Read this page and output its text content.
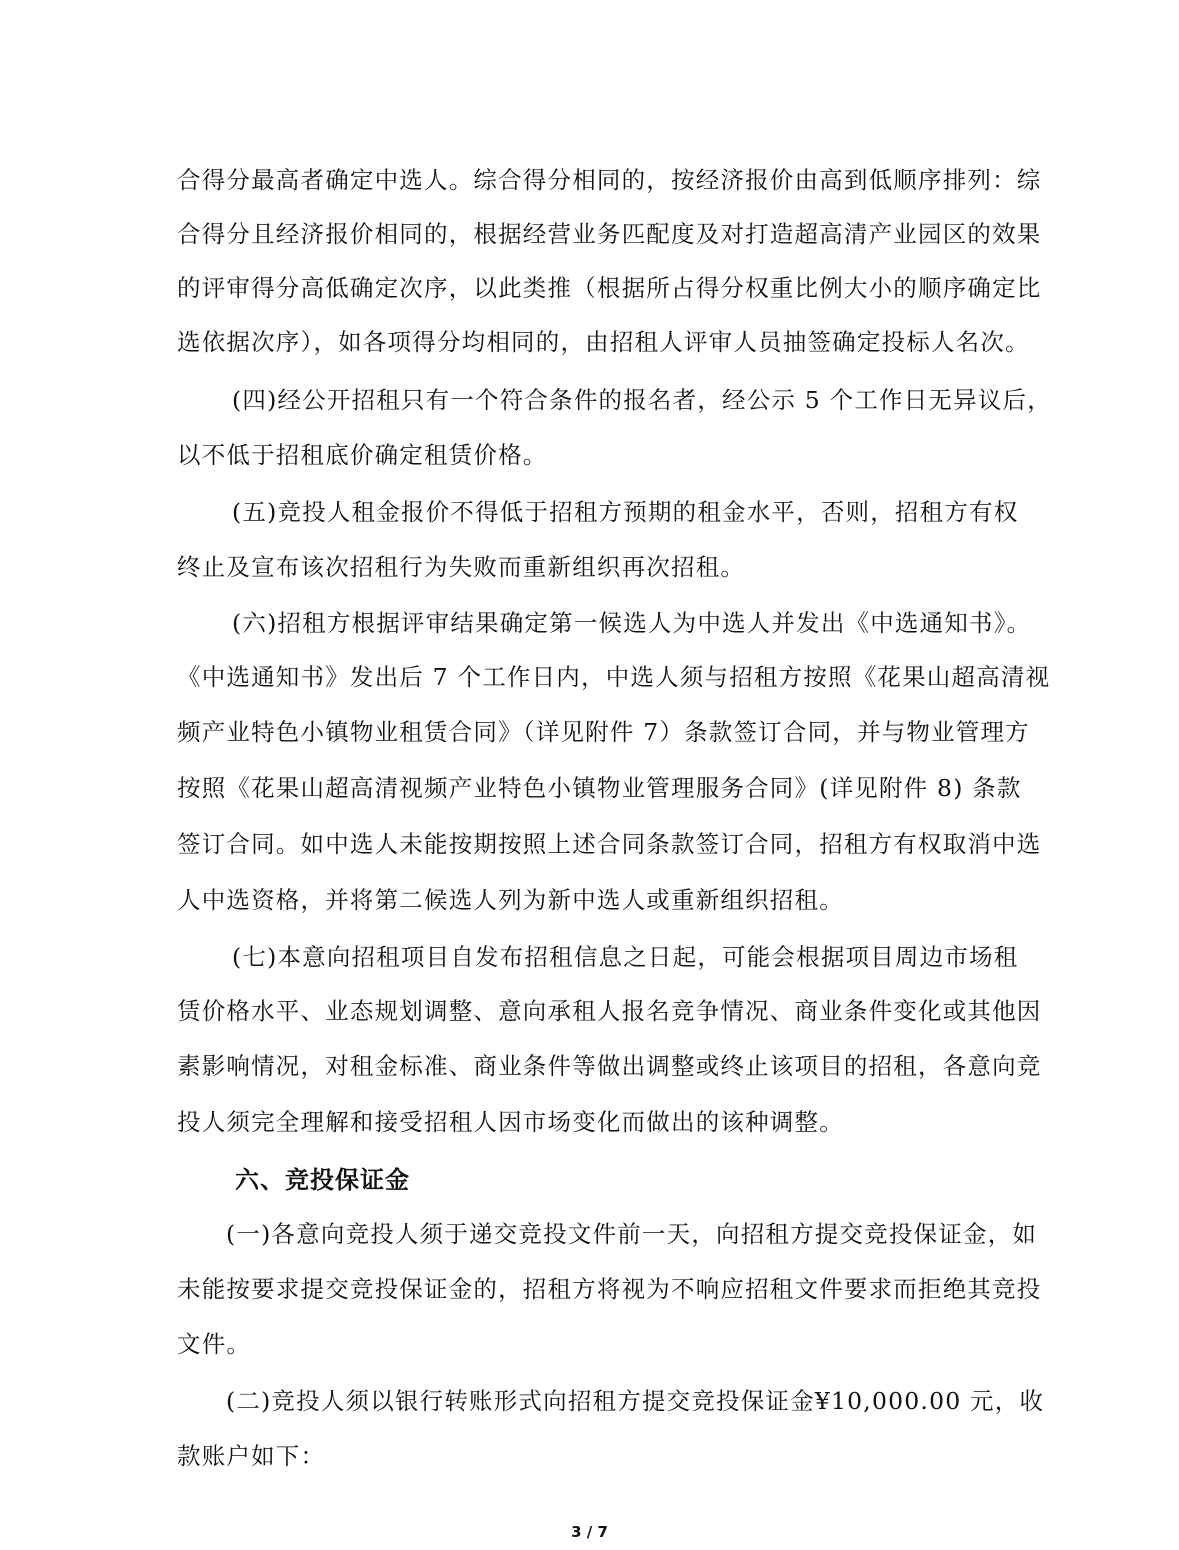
合得分最高者确定中选人。综合得分相同的，按经济报价由高到低顺序排列：综
合得分且经济报价相同的，根据经营业务匹配度及对打造超高清产业园区的效果
的评审得分高低确定次序，以此类推（根据所占得分权重比例大小的顺序确定比
选依据次序），如各项得分均相同的，由招租人评审人员抽签确定投标人名次。
(四)经公开招租只有一个符合条件的报名者，经公示 5 个工作日无异议后，
以不低于招租底价确定租赁价格。
(五)竞投人租金报价不得低于招租方预期的租金水平，否则，招租方有权
终止及宣布该次招租行为失败而重新组织再次招租。
(六)招租方根据评审结果确定第一候选人为中选人并发出《中选通知书》。
《中选通知书》发出后 7 个工作日内，中选人须与招租方按照《花果山超高清视
频产业特色小镇物业租赁合同》（详见附件 7）条款签订合同，并与物业管理方
按照《花果山超高清视频产业特色小镇物业管理服务合同》(详见附件 8) 条款
签订合同。如中选人未能按期按照上述合同条款签订合同，招租方有权取消中选
人中选资格，并将第二候选人列为新中选人或重新组织招租。
(七)本意向招租项目自发布招租信息之日起，可能会根据项目周边市场租
赁价格水平、业态规划调整、意向承租人报名竞争情况、商业条件变化或其他因
素影响情况，对租金标准、商业条件等做出调整或终止该项目的招租，各意向竞
投人须完全理解和接受招租人因市场变化而做出的该种调整。
六、竞投保证金
(一)各意向竞投人须于递交竞投文件前一天，向招租方提交竞投保证金，如
未能按要求提交竞投保证金的，招租方将视为不响应招租文件要求而拒绝其竞投
文件。
(二)竞投人须以银行转账形式向招租方提交竞投保证金¥10,000.00 元，收
款账户如下：
3 / 7
